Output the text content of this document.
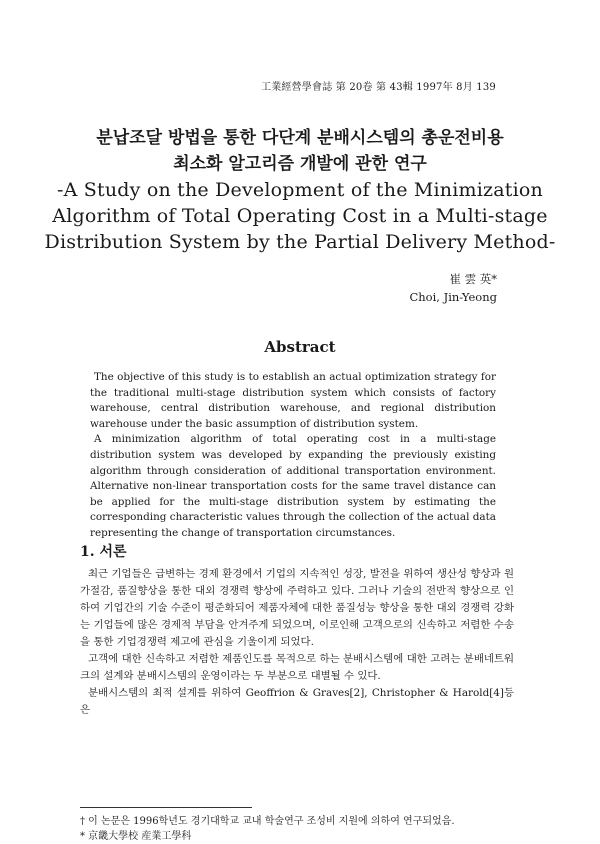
工業經營學會誌 第 20卷 第 43輯 1997年 8月 139

분납조달 방법을 통한 다단계 분배시스템의 총운전비용

최소화 알고리즘 개발에 관한 연구

-A Study on the Development of the Minimization

Algorithm of Total Operating Cost in a Multi-stage

Distribution System by the Partial Delivery Method-

崔 雲 英*
Choi, Jin-Yeong
Abstract

The objective of this study is to establish an actual optimization strategy for the traditional multi-stage distribution system which consists of factory warehouse, central distribution warehouse, and regional distribution warehouse under the basic assumption of distribution system.

A minimization algorithm of total operating cost in a multi-stage distribution system was developed by expanding the previously existing algorithm through consideration of additional transportation environment. Alternative non-linear transportation costs for the same travel distance can be applied for the multi-stage distribution system by estimating the corresponding characteristic values through the collection of the actual data representing the change of transportation circumstances.

1. 서론

최근 기업들은 급변하는 경제 환경에서 기업의 지속적인 성장, 발전을 위하여 생산성 향상과 원가절감, 품질향상을 통한 대외 경쟁력 향상에 주력하고 있다. 그러나 기술의 전반적 향상으로 인하여 기업간의 기술 수준이 평준화되어 제품자체에 대한 품질성능 향상을 통한 대외 경쟁력 강화는 기업들에 많은 경제적 부담을 안겨주게 되었으며, 이로인해 고객으로의 신속하고 저렴한 수송을 통한 기업경쟁력 제고에 관심을 기울이게 되었다.

고객에 대한 신속하고 저렴한 제품인도를 목적으로 하는 분배시스템에 대한 고려는 분배네트워크의 설계와 분배시스템의 운영이라는 두 부분으로 대별될 수 있다.

분배시스템의 최적 설계를 위하여 Geoffrion & Graves[2], Christopher & Harold[4]등은

† 이 논문은 1996학년도 경기대학교 교내 학술연구 조성비 지원에 의하여 연구되었음.

* 京畿大學校 産業工學科
